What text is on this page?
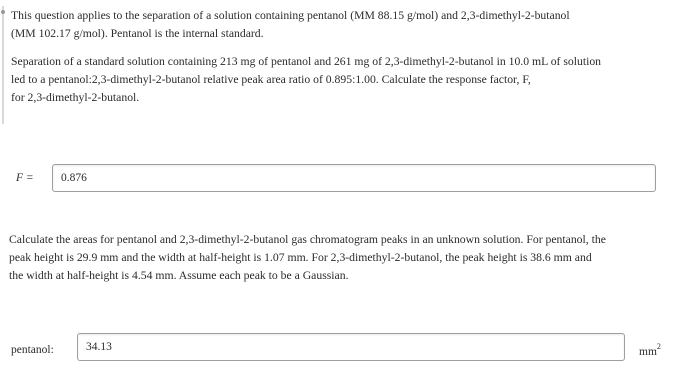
This question applies to the separation of a solution containing pentanol (MM 88.15 g/mol) and 2,3-dimethyl-2-butanol
(MM 102.17 g/mol). Pentanol is the internal standard.
Separation of a standard solution containing 213 mg of pentanol and 261 mg of 2,3-dimethyl-2-butanol in 10.0 mL of solution
led to a pentanol:2,3-dimethyl-2-butanol relative peak area ratio of 0.895:1.00. Calculate the response factor, F,
for 2,3-dimethyl-2-butanol.
F =	0.876
Calculate the areas for pentanol and 2,3-dimethyl-2-butanol gas chromatogram peaks in an unknown solution. For pentanol, the
peak height is 29.9 mm and the width at half-height is 1.07 mm. For 2,3-dimethyl-2-butanol, the peak height is 38.6 mm and
the width at half-height is 4.54 mm. Assume each peak to be a Gaussian.
pentanol:	34.13	$mm^2$
